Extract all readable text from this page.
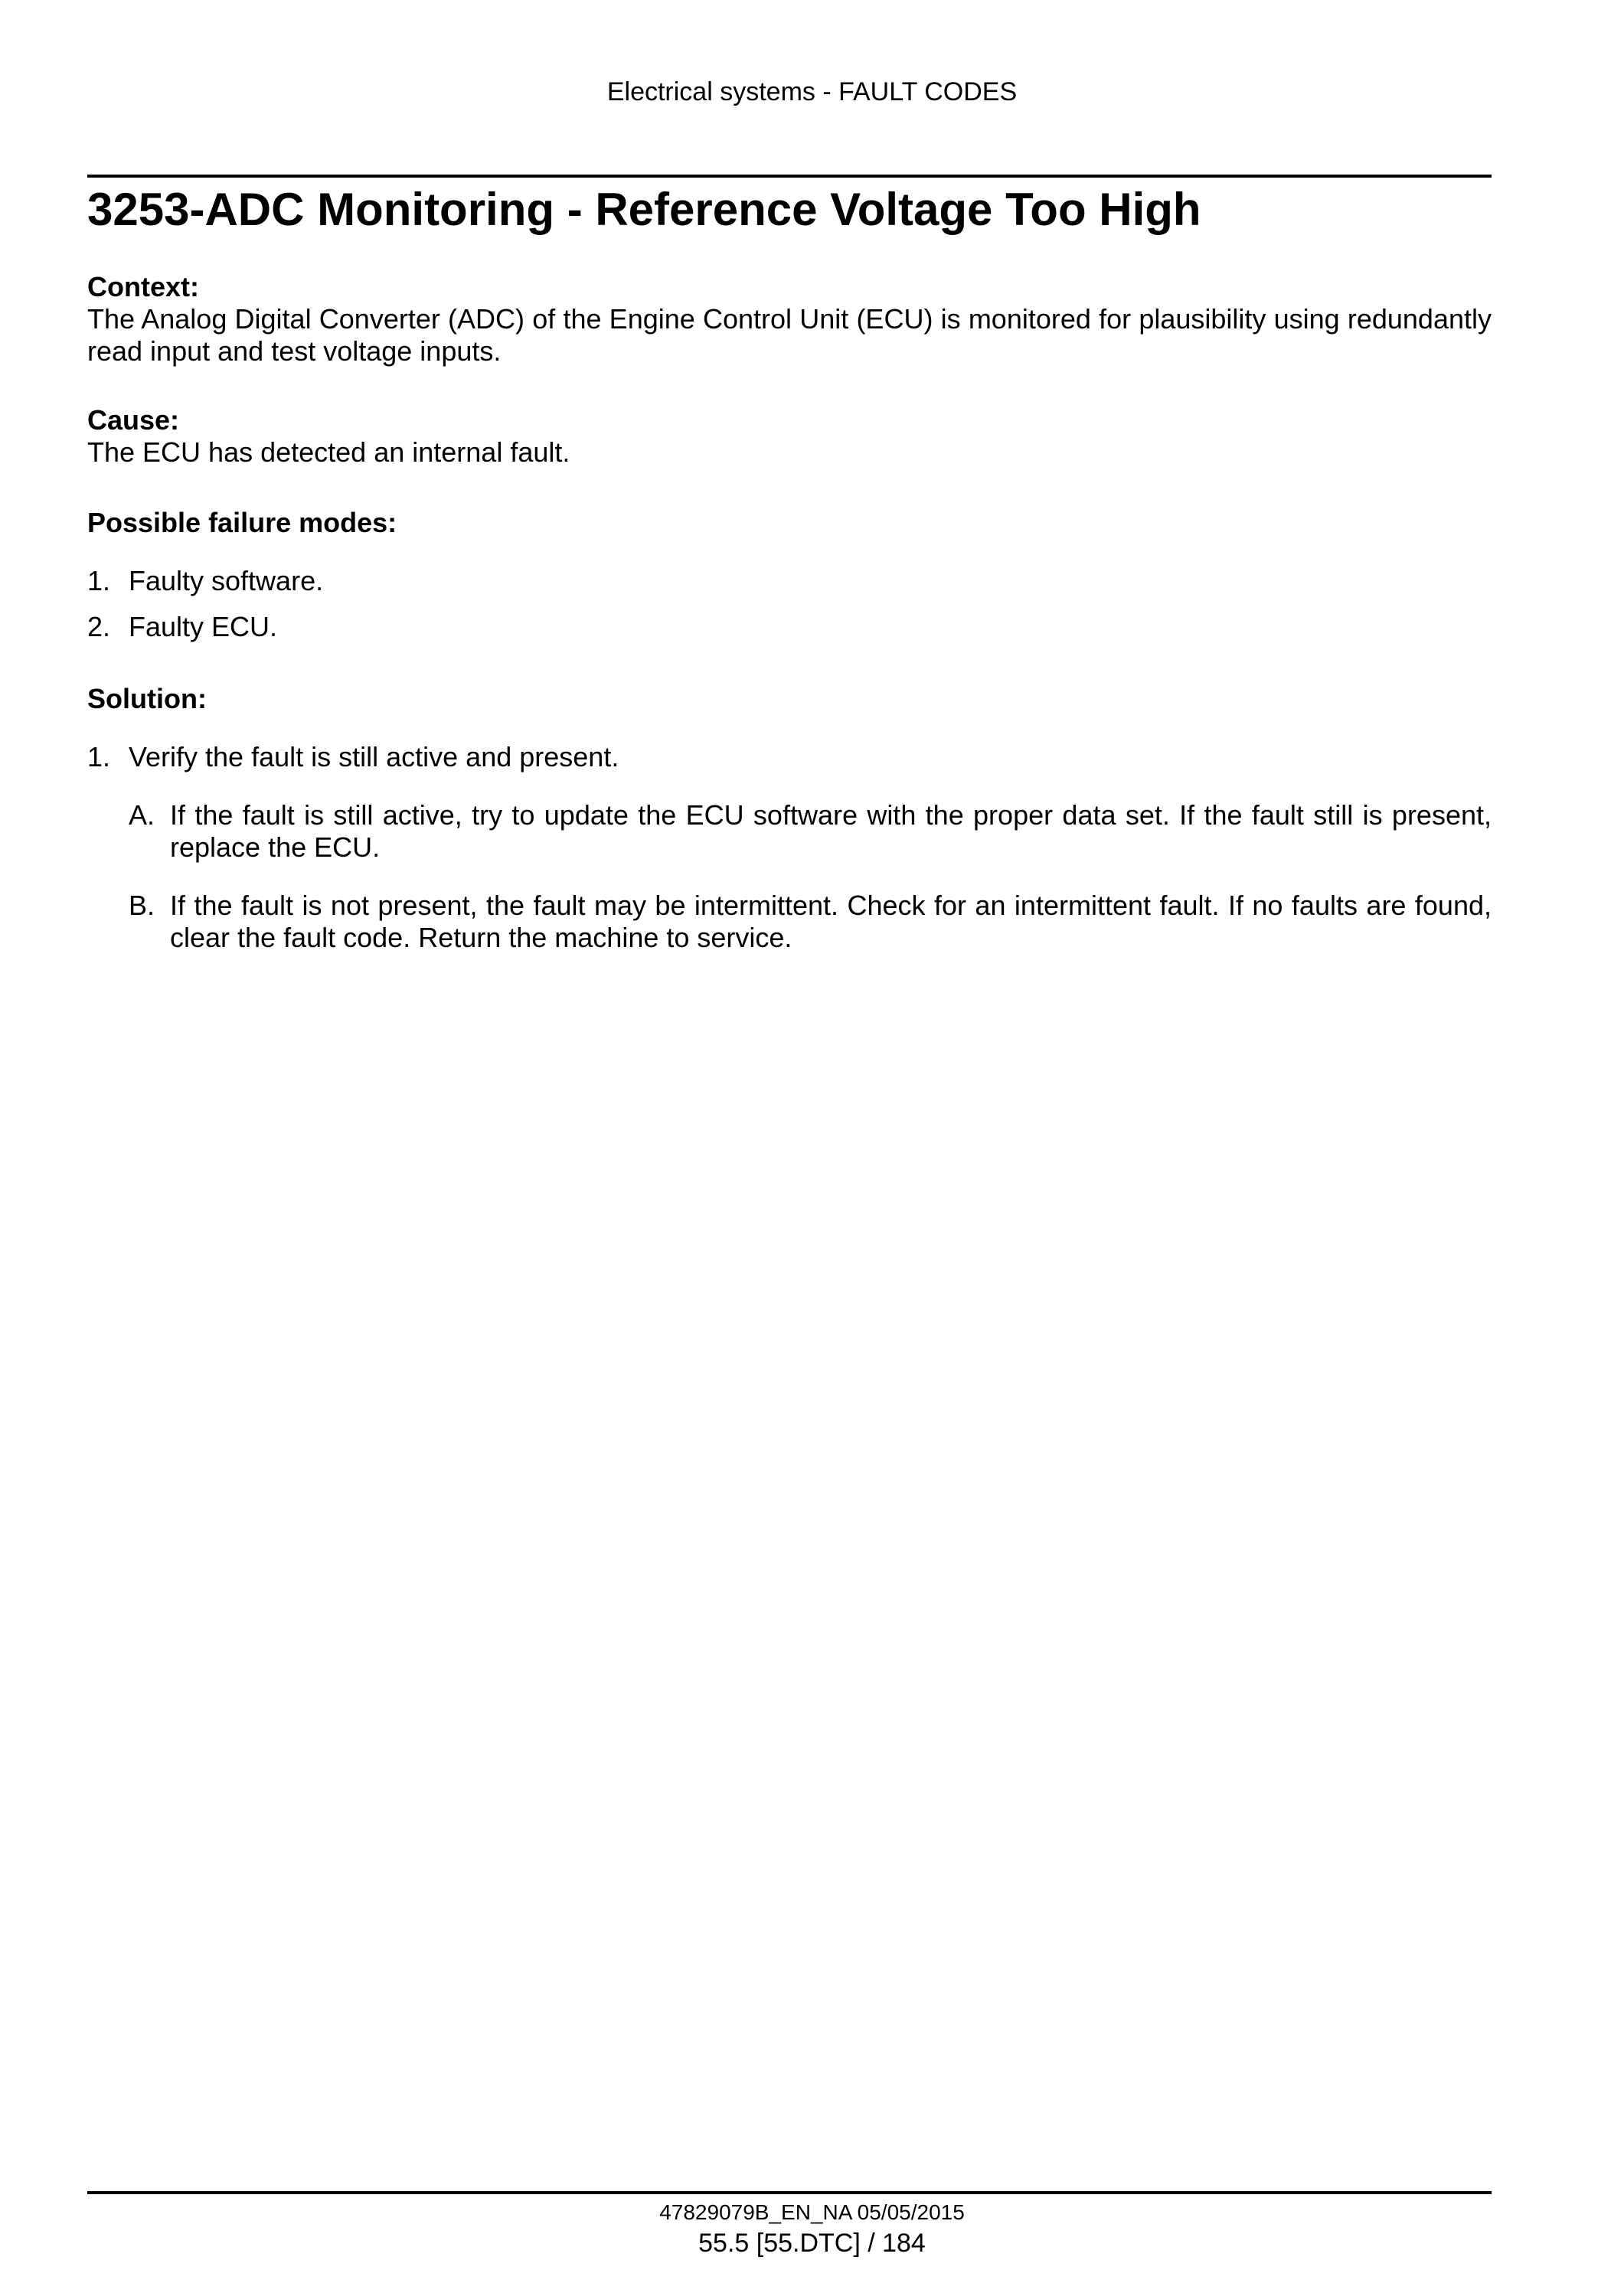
Electrical systems - FAULT CODES
3253-ADC Monitoring - Reference Voltage Too High

Context:

The Analog Digital Converter (ADC) of the Engine Control Unit (ECU) is monitored for plausibility using redundantly read input and test voltage inputs.

Cause:

The ECU has detected an internal fault.

Possible failure modes:

1. Faulty software.
2. Faulty ECU.

Solution:

1. Verify the fault is still active and present.
A. If the fault is still active, try to update the ECU software with the proper data set. If the fault still is present, replace the ECU.
B. If the fault is not present, the fault may be intermittent. Check for an intermittent fault. If no faults are found, clear the fault code. Return the machine to service.
47829079B_EN_NA 05/05/2015
55.5 [55.DTC] / 184
